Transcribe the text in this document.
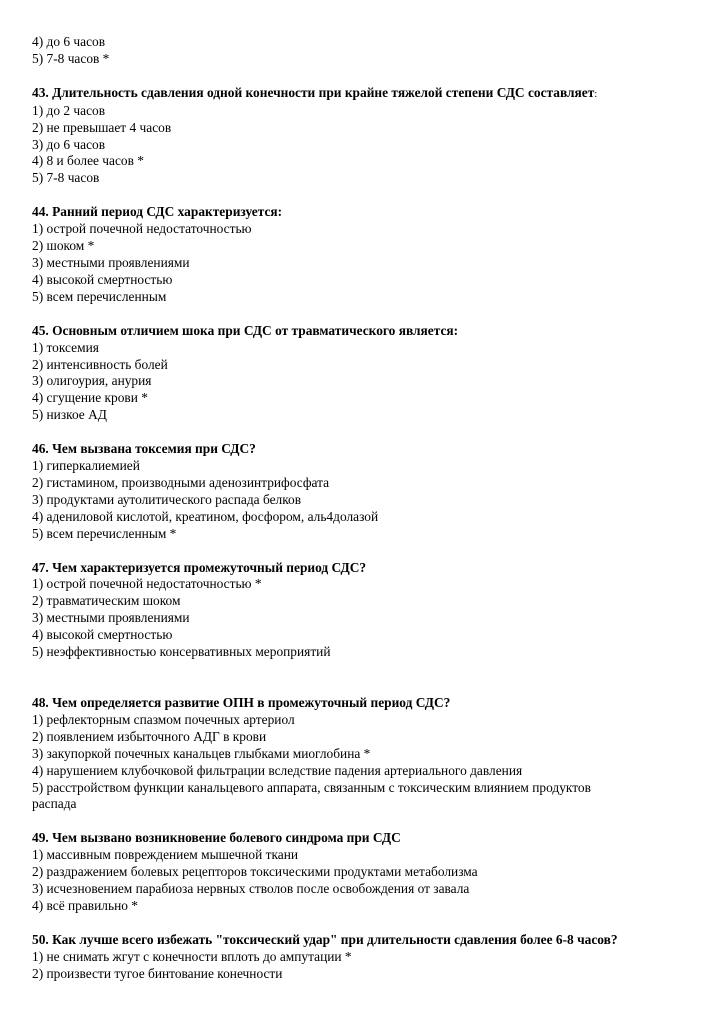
4) до 6 часов
5) 7-8 часов *
43. Длительность сдавления одной конечности при крайне тяжелой степени СДС составляет:
1) до 2 часов
2) не превышает 4 часов
3) до 6 часов
4) 8 и более часов *
5) 7-8 часов
44. Ранний период СДС характеризуется:
1) острой почечной недостаточностью
2) шоком *
3) местными проявлениями
4) высокой смертностью
5) всем перечисленным
45. Основным отличием шока при СДС от травматического является:
1) токсемия
2) интенсивность болей
3) олигоурия, анурия
4) сгущение крови *
5) низкое АД
46. Чем вызвана токсемия при СДС?
1) гиперкалиемией
2) гистамином, производными аденозинтрифосфата
3) продуктами аутолитического распада белков
4) адениловой кислотой, креатином, фосфором, аль4долазой
5) всем перечисленным *
47. Чем характеризуется промежуточный период СДС?
1) острой почечной недостаточностью *
2) травматическим шоком
3) местными проявлениями
4) высокой смертностью
5) неэффективностью консервативных мероприятий
48. Чем определяется развитие ОПН в промежуточный период СДС?
1) рефлекторным спазмом почечных артериол
2) появлением избыточного АДГ в крови
3) закупоркой почечных канальцев глыбками миоглобина *
4) нарушением клубочковой фильтрации вследствие падения артериального давления
5) расстройством функции канальцевого аппарата, связанным с токсическим влиянием продуктов
распада
49. Чем вызвано возникновение болевого синдрома при СДС
1) массивным повреждением мышечной ткани
2) раздражением болевых рецепторов токсическими продуктами метаболизма
3) исчезновением парабиоза нервных стволов после освобождения от завала
4) всё правильно *
50. Как лучше всего избежать "токсический удар" при длительности сдавления более 6-8 часов?
1) не снимать жгут с конечности вплоть до ампутации *
2) произвести тугое бинтование конечности
